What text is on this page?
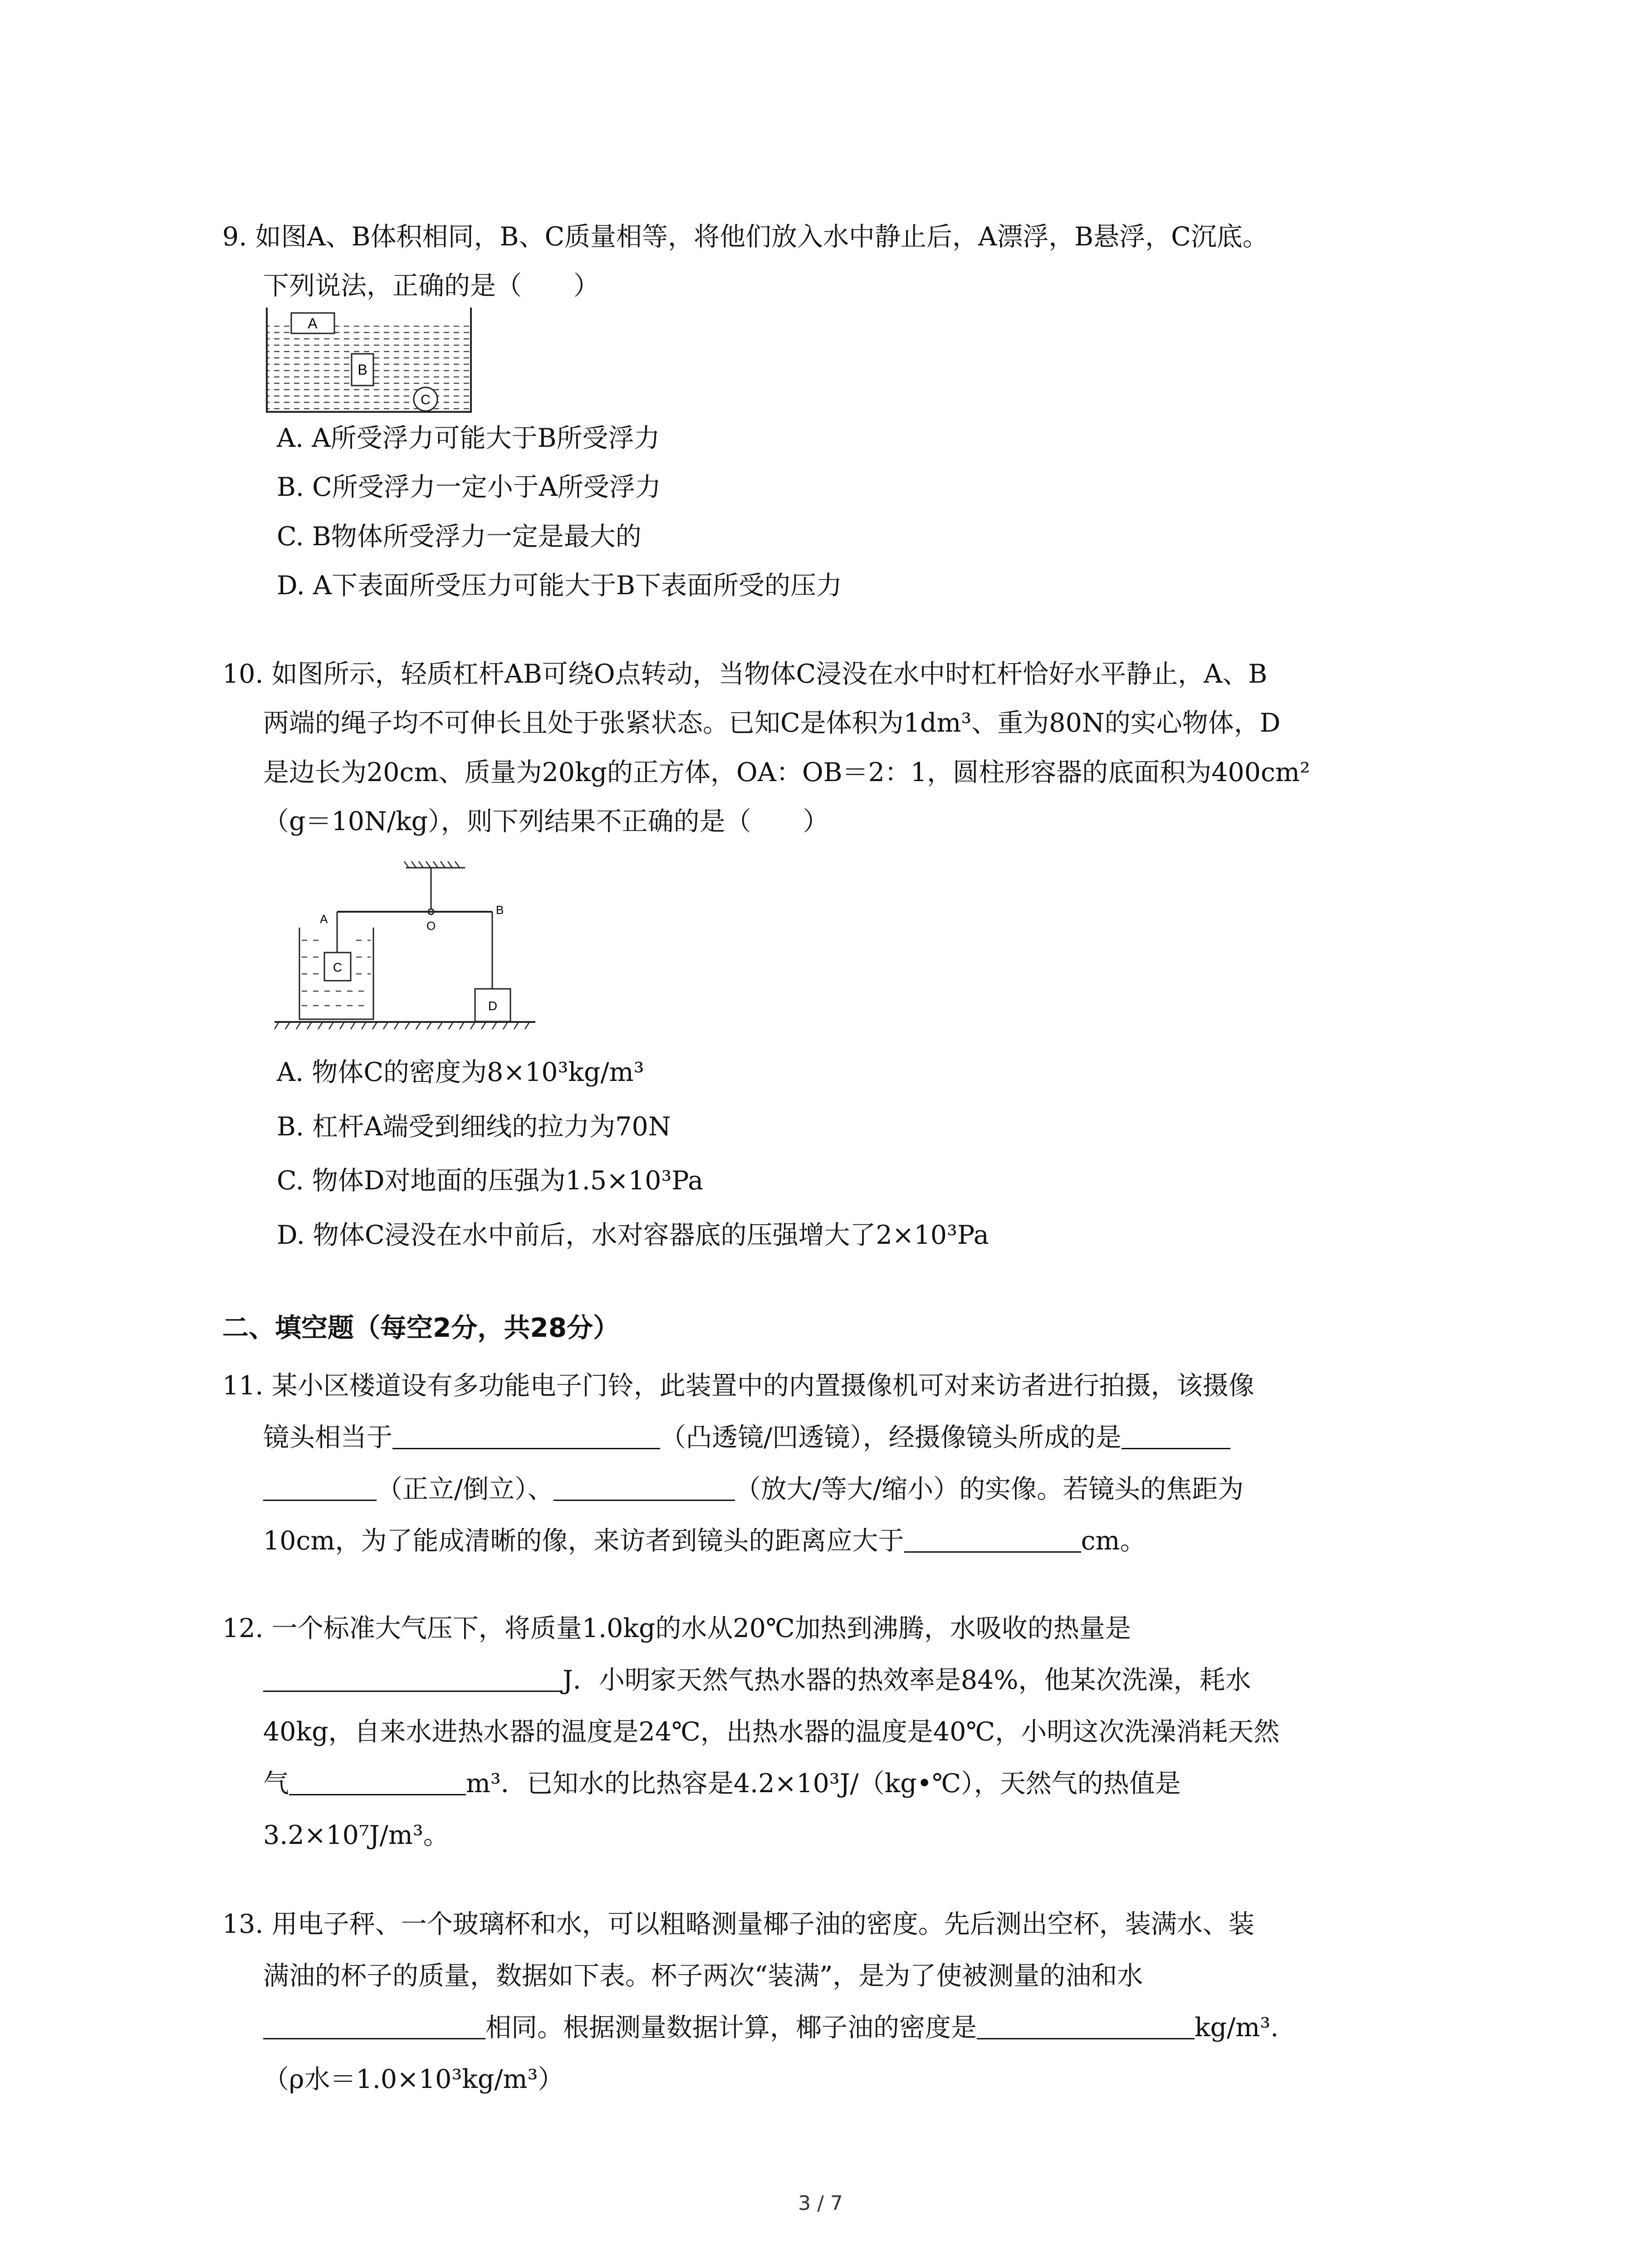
9. 如图A、B体积相同，B、C质量相等，将他们放入水中静止后，A漂浮，B悬浮，C沉底。
下列说法，正确的是（　　）
A
B
C
A. A所受浮力可能大于B所受浮力
B. C所受浮力一定小于A所受浮力
C. B物体所受浮力一定是最大的
D. A下表面所受压力可能大于B下表面所受的压力
10. 如图所示，轻质杠杆AB可绕O点转动，当物体C浸没在水中时杠杆恰好水平静止，A、B
两端的绳子均不可伸长且处于张紧状态。已知C是体积为1dm³、重为80N的实心物体，D
是边长为20cm、质量为20kg的正方体，OA：OB＝2：1，圆柱形容器的底面积为400cm²
（g＝10N/kg），则下列结果不正确的是（　　）
A	O
B
C
D
A. 物体C的密度为8×10³kg/m³
B. 杠杆A端受到细线的拉力为70N
C. 物体D对地面的压强为1.5×10³Pa
D. 物体C浸没在水中前后，水对容器底的压强增大了2×10³Pa
二、填空题（每空2分，共28分）
11. 某小区楼道设有多功能电子门铃，此装置中的内置摄像机可对来访者进行拍摄，该摄像
镜头相当于	（凸透镜/凹透镜），经摄像镜头所成的是
（正立/倒立）、	（放大/等大/缩小）的实像。若镜头的焦距为
10cm，为了能成清晰的像，来访者到镜头的距离应大于	cm。
12. 一个标准大气压下，将质量1.0kg的水从20℃加热到沸腾，水吸收的热量是
J．小明家天然气热水器的热效率是84%，他某次洗澡，耗水
40kg，自来水进热水器的温度是24℃，出热水器的温度是40℃，小明这次洗澡消耗天然
气	m³．已知水的比热容是4.2×10³J/（kg•℃），天然气的热值是
3.2×10⁷J/m³。
13. 用电子秤、一个玻璃杯和水，可以粗略测量椰子油的密度。先后测出空杯，装满水、装
满油的杯子的质量，数据如下表。杯子两次“装满”，是为了使被测量的油和水
相同。根据测量数据计算，椰子油的密度是	kg/m³.
（ρ水＝1.0×10³kg/m³）
3 / 7
